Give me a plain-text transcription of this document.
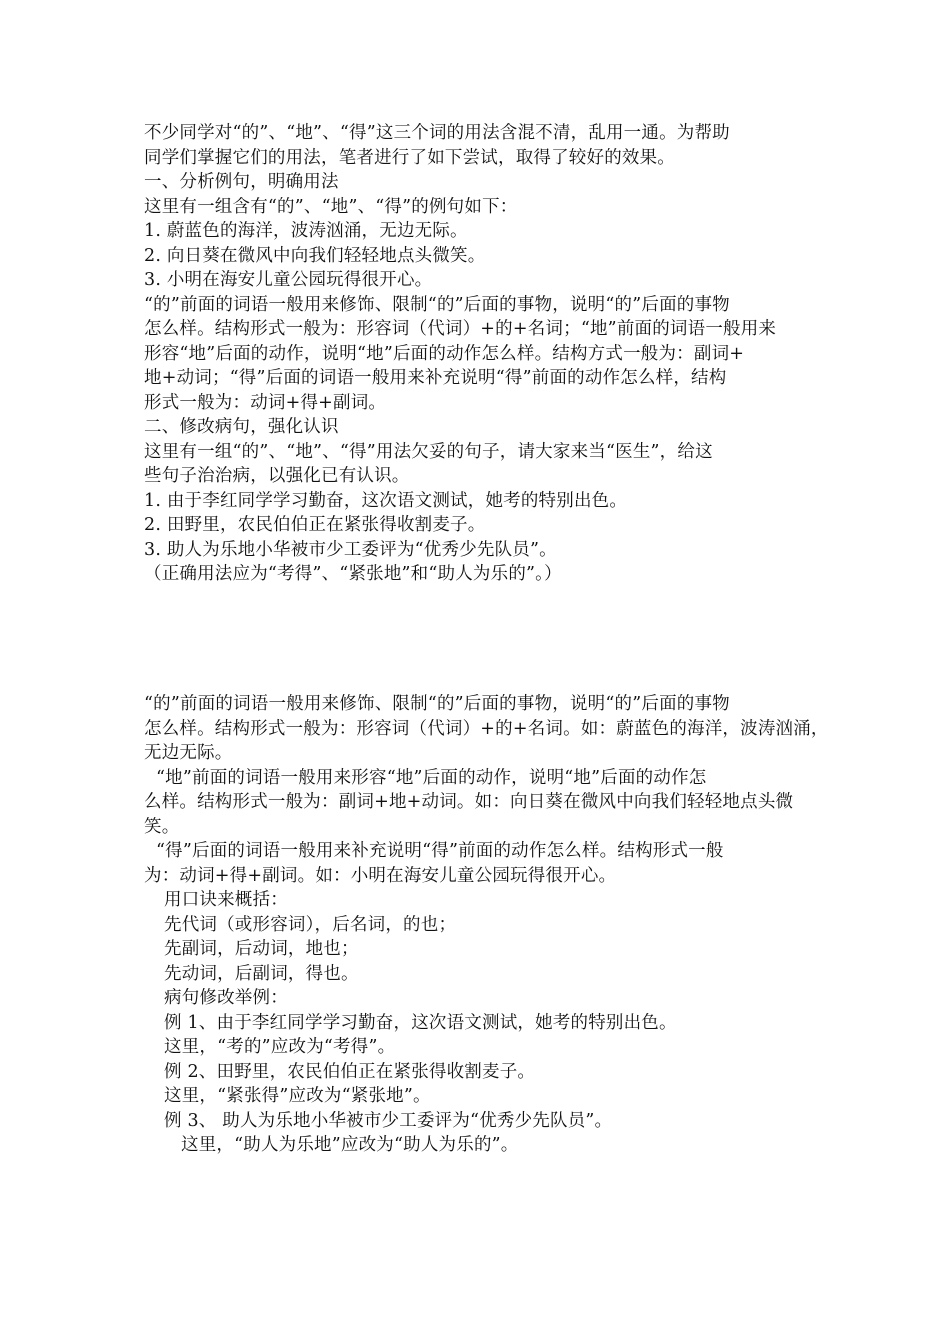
不少同学对“的”、“地”、“得”这三个词的用法含混不清，乱用一通。为帮助
同学们掌握它们的用法，笔者进行了如下尝试，取得了较好的效果。
一、分析例句，明确用法
这里有一组含有“的”、“地”、“得”的例句如下：
1. 蔚蓝色的海洋，波涛汹涌，无边无际。
2. 向日葵在微风中向我们轻轻地点头微笑。
3. 小明在海安儿童公园玩得很开心。
“的”前面的词语一般用来修饰、限制“的”后面的事物，说明“的”后面的事物
怎么样。结构形式一般为：形容词（代词）+的+名词；“地”前面的词语一般用来
形容“地”后面的动作，说明“地”后面的动作怎么样。结构方式一般为：副词+
地+动词；“得”后面的词语一般用来补充说明“得”前面的动作怎么样，结构
形式一般为：动词+得+副词。
二、修改病句，强化认识
这里有一组“的”、“地”、“得”用法欠妥的句子，请大家来当“医生”，给这
些句子治治病，以强化已有认识。
1. 由于李红同学学习勤奋，这次语文测试，她考的特别出色。
2. 田野里，农民伯伯正在紧张得收割麦子。
3. 助人为乐地小华被市少工委评为“优秀少先队员”。
（正确用法应为“考得”、“紧张地”和“助人为乐的”。）
“的”前面的词语一般用来修饰、限制“的”后面的事物，说明“的”后面的事物
怎么样。结构形式一般为：形容词（代词）+的+名词。如：蔚蓝色的海洋，波涛汹涌，
无边无际。
“地”前面的词语一般用来形容“地”后面的动作，说明“地”后面的动作怎
么样。结构形式一般为：副词+地+动词。如：向日葵在微风中向我们轻轻地点头微
笑。
“得”后面的词语一般用来补充说明“得”前面的动作怎么样。结构形式一般
为：动词+得+副词。如：小明在海安儿童公园玩得很开心。
用口诀来概括：
先代词（或形容词），后名词，的也；
先副词，后动词，地也；
先动词，后副词，得也。
病句修改举例：
例 1、由于李红同学学习勤奋，这次语文测试，她考的特别出色。
这里，“考的”应改为“考得”。
例 2、田野里，农民伯伯正在紧张得收割麦子。
这里，“紧张得”应改为“紧张地”。
例 3、 助人为乐地小华被市少工委评为“优秀少先队员”。
这里，“助人为乐地”应改为“助人为乐的”。
